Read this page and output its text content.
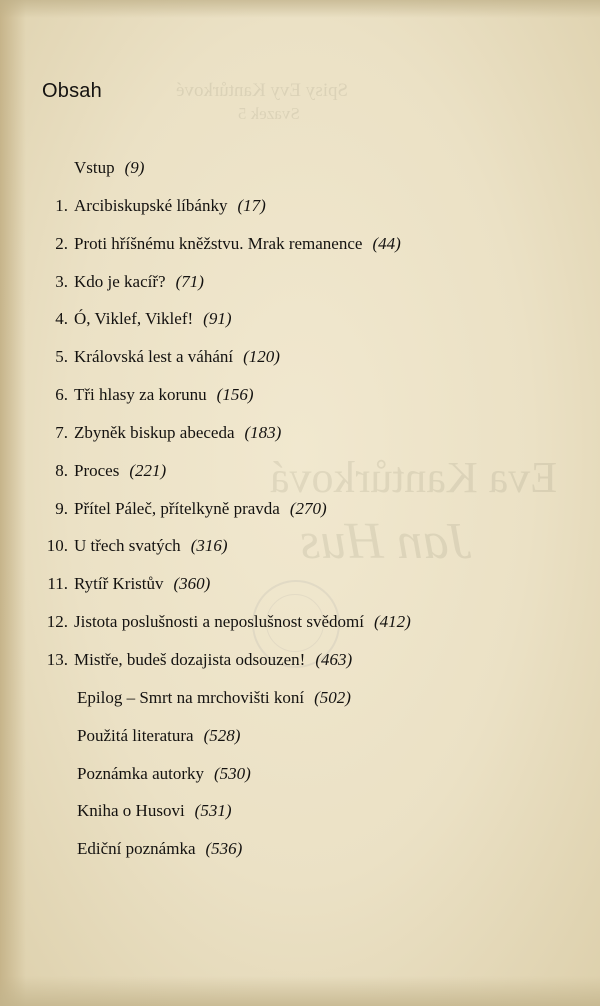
Spisy Evy Kantůrkové
Svazek 5
Eva Kantůrková
Jan Hus
Obsah
Vstup (9)
1. Arcibiskupské líbánky (17)
2. Proti hříšnému kněžstvu. Mrak remanence (44)
3. Kdo je kacíř? (71)
4. Ó, Viklef, Viklef! (91)
5. Královská lest a váhání (120)
6. Tři hlasy za korunu (156)
7. Zbyněk biskup abeceda (183)
8. Proces (221)
9. Přítel Páleč, přítelkyně pravda (270)
10. U třech svatých (316)
11. Rytíř Kristův (360)
12. Jistota poslušnosti a neposlušnost svědomí (412)
13. Mistře, budeš dozajista odsouzen! (463)
Epilog – Smrt na mrchovišti koní (502)
Použitá literatura (528)
Poznámka autorky (530)
Kniha o Husovi (531)
Ediční poznámka (536)
